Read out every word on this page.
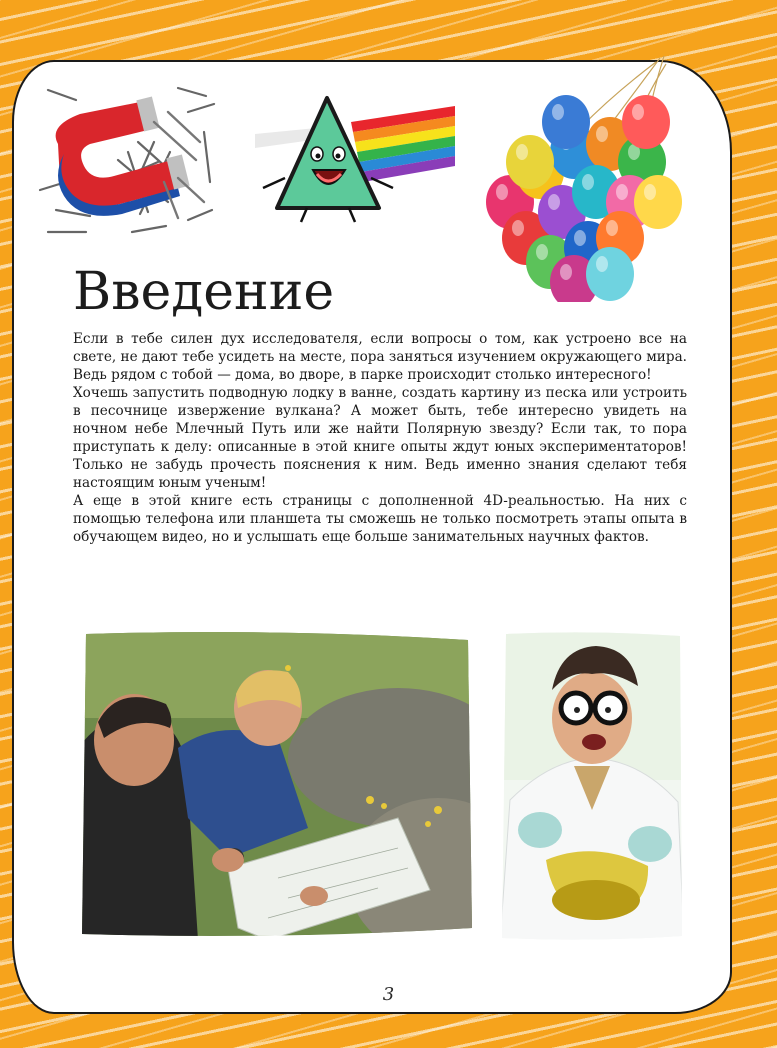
Введение

Если в тебе силен дух исследователя, если вопросы о том, как устроено все на свете, не дают тебе усидеть на месте, пора заняться изучением окружающего мира. Ведь рядом с тобой — дома, во дворе, в парке происходит столько интересного!

Хочешь запустить подводную лодку в ванне, создать картину из песка или устроить в песочнице извержение вулкана? А может быть, тебе интересно увидеть на ночном небе Млечный Путь или же найти Полярную звезду? Если так, то пора приступать к делу: описанные в этой книге опыты ждут юных экспериментаторов! Только не забудь прочесть пояснения к ним. Ведь именно знания сделают тебя настоящим юным ученым!

А еще в этой книге есть страницы с дополненной 4D-реальностью. На них с помощью телефона или планшета ты сможешь не только посмотреть этапы опыта в обучающем видео, но и услышать еще больше занимательных научных фактов.

3
